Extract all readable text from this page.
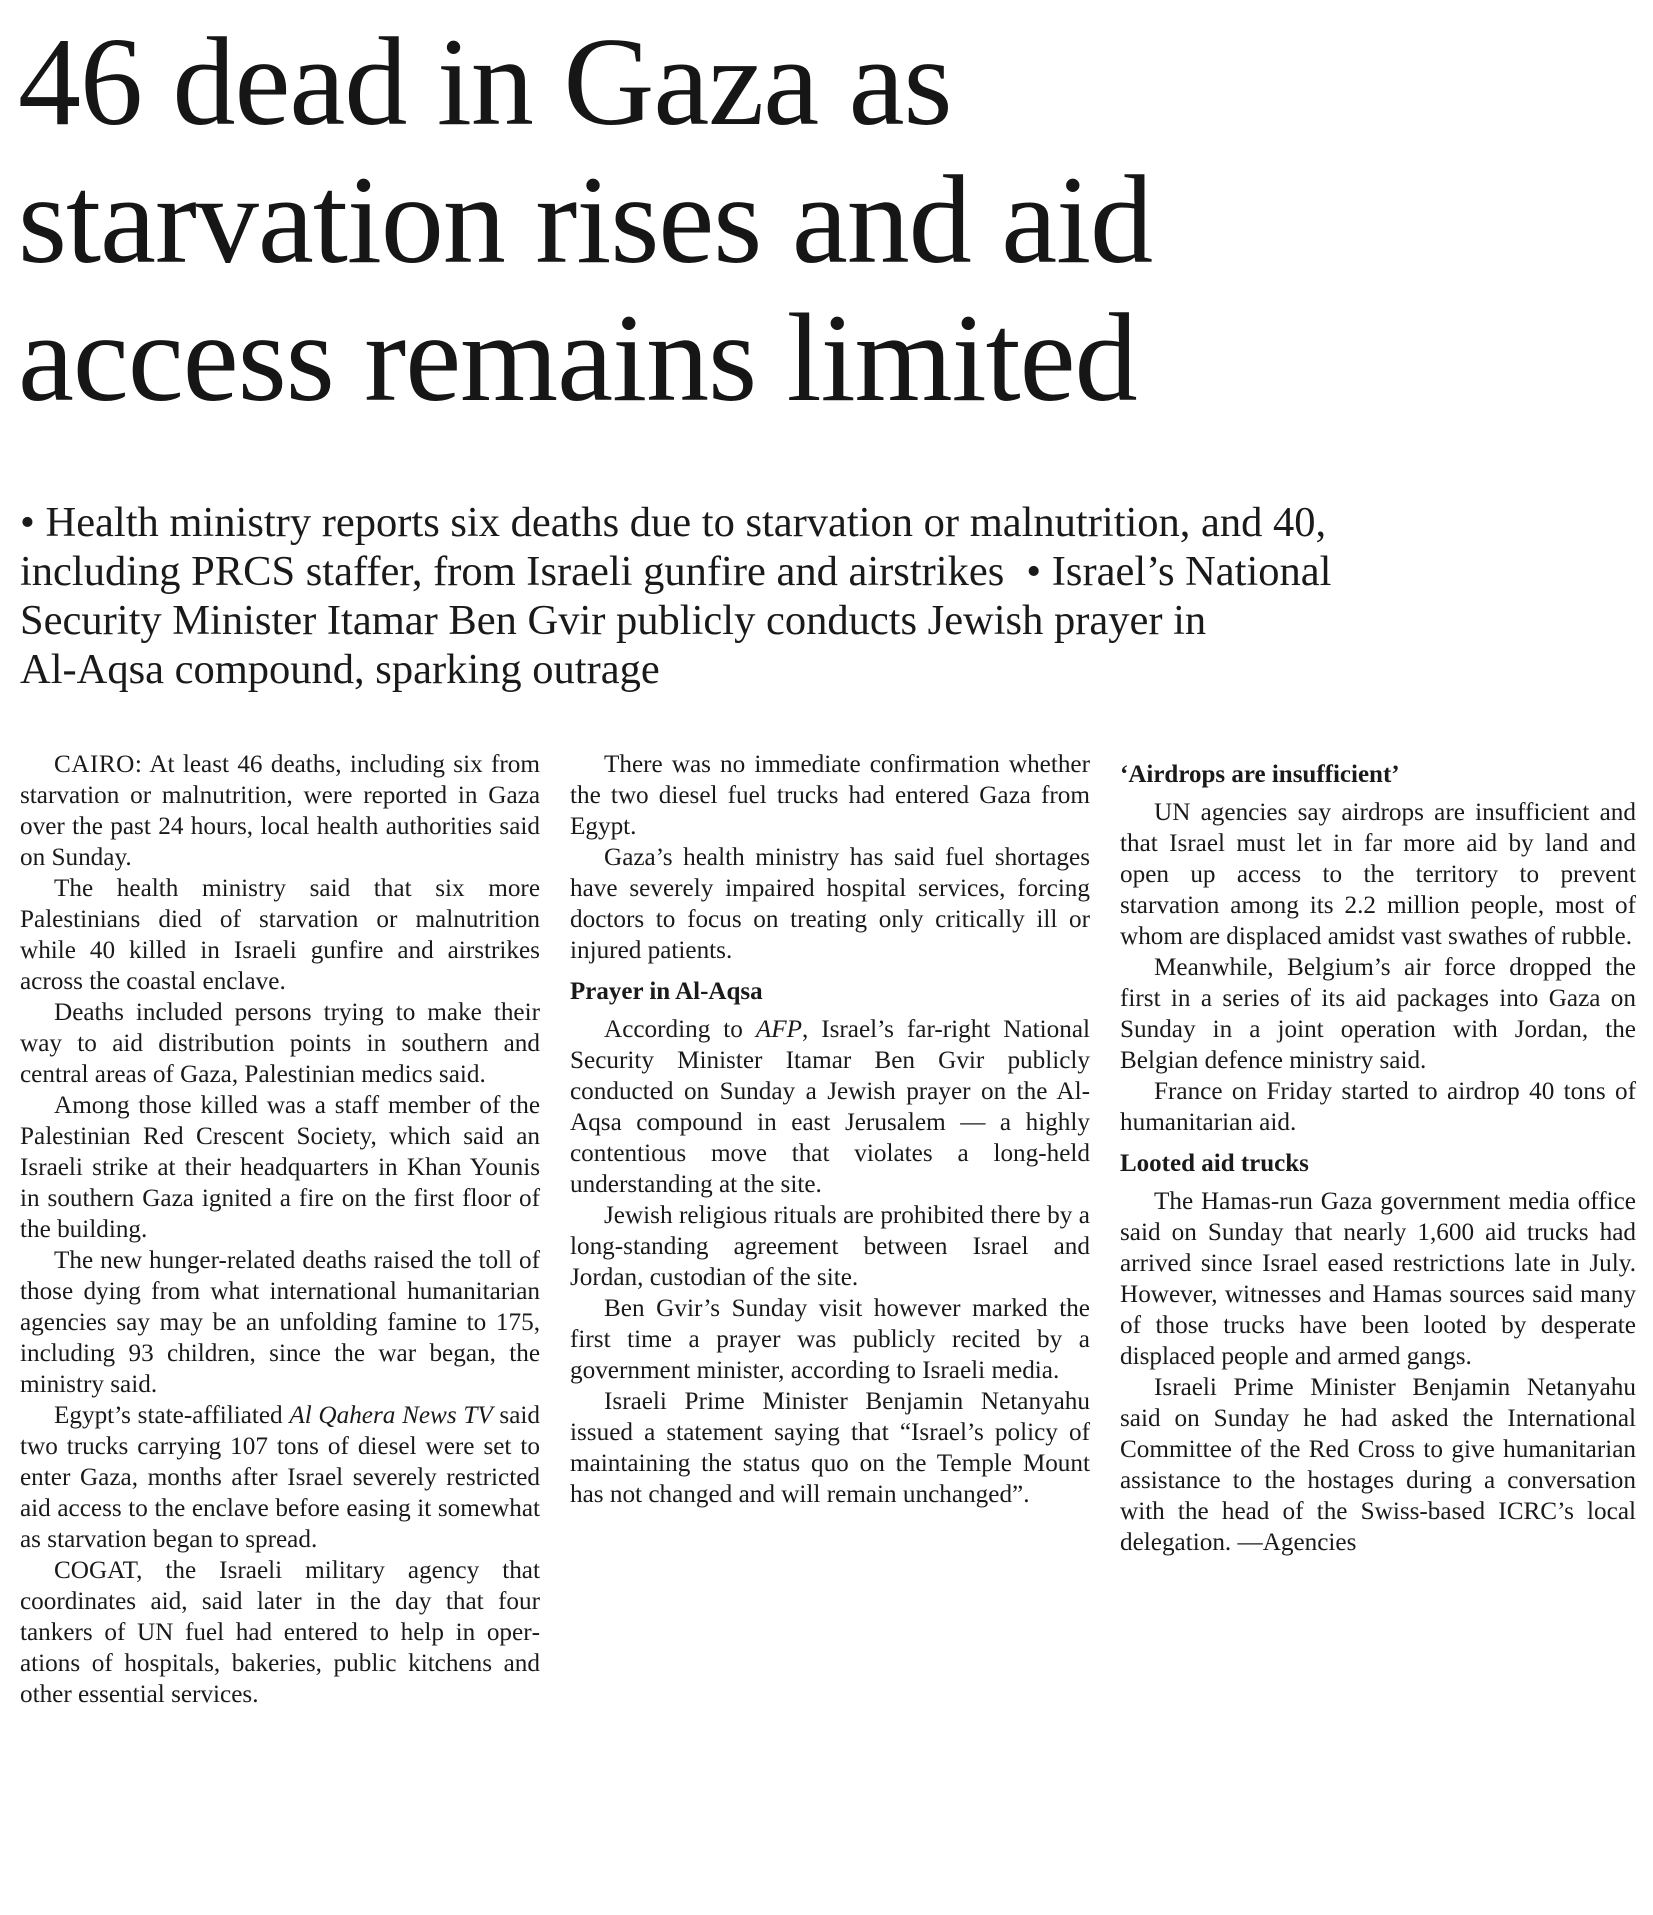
46 dead in Gaza as
starvation rises and aid
access remains limited
• Health ministry reports six deaths due to starvation or malnutrition, and 40,
including PRCS staffer, from Israeli gunfire and airstrikes • Israel’s National
Security Minister Itamar Ben Gvir publicly conducts Jewish prayer in
Al-Aqsa compound, sparking outrage

CAIRO: At least 46 deaths, including six from starvation or malnutrition, were reported in Gaza over the past 24 hours, local health authorities said on Sunday.

The health ministry said that six more Palestinians died of starvation or malnutrition while 40 killed in Israeli gunfire and airstrikes across the coastal enclave.

Deaths included persons trying to make their way to aid distribution points in southern and central areas of Gaza, Palestinian medics said.

Among those killed was a staff member of the Palestinian Red Crescent Society, which said an Israeli strike at their headquarters in Khan Younis in southern Gaza ignited a fire on the first floor of the building.

The new hunger-related deaths raised the toll of those dying from what international humanitarian agencies say may be an unfolding famine to 175, including 93 children, since the war began, the ministry said.

Egypt’s state-affiliated Al Qahera News TV said two trucks carrying 107 tons of diesel were set to enter Gaza, months after Israel severely restricted aid access to the enclave before easing it somewhat as starvation began to spread.

COGAT, the Israeli military agency that coordinates aid, said later in the day that four tankers of UN fuel had entered to help in operations of hospitals, bakeries, public kitchens and other essential services.

There was no immediate confirmation whether the two diesel fuel trucks had entered Gaza from Egypt.

Gaza’s health ministry has said fuel shortages have severely impaired hospital services, forcing doctors to focus on treating only critically ill or injured patients.

Prayer in Al-Aqsa

According to AFP, Israel’s far-right National Security Minister Itamar Ben Gvir publicly conducted on Sunday a Jewish prayer on the Al-Aqsa compound in east Jerusalem — a highly contentious move that violates a long-held understanding at the site.

Jewish religious rituals are prohibited there by a long-standing agreement between Israel and Jordan, custodian of the site.

Ben Gvir’s Sunday visit however marked the first time a prayer was publicly recited by a government minister, according to Israeli media.

Israeli Prime Minister Benjamin Netanyahu issued a statement saying that “Israel’s policy of maintaining the status quo on the Temple Mount has not changed and will remain unchanged”.

‘Airdrops are insufficient’

UN agencies say airdrops are insufficient and that Israel must let in far more aid by land and open up access to the territory to prevent starvation among its 2.2 million people, most of whom are displaced amidst vast swathes of rubble.

Meanwhile, Belgium’s air force dropped the first in a series of its aid packages into Gaza on Sunday in a joint operation with Jordan, the Belgian defence ministry said.

France on Friday started to airdrop 40 tons of humanitarian aid.

Looted aid trucks

The Hamas-run Gaza government media office said on Sunday that nearly 1,600 aid trucks had arrived since Israel eased restrictions late in July. However, witnesses and Hamas sources said many of those trucks have been looted by desperate displaced people and armed gangs.

Israeli Prime Minister Benjamin Netanyahu said on Sunday he had asked the International Committee of the Red Cross to give humanitarian assistance to the hostages during a conversation with the head of the Swiss-based ICRC’s local delegation. —Agencies
